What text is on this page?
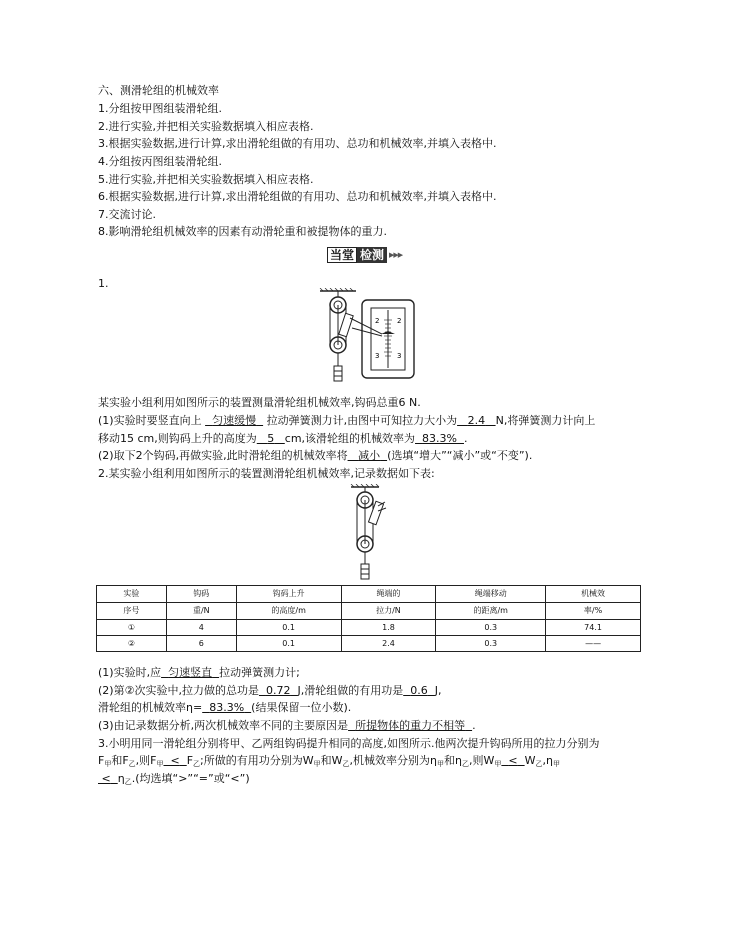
六、测滑轮组的机械效率
1.分组按甲图组装滑轮组.
2.进行实验,并把相关实验数据填入相应表格.
3.根据实验数据,进行计算,求出滑轮组做的有用功、总功和机械效率,并填入表格中.
4.分组按丙图组装滑轮组.
5.进行实验,并把相关实验数据填入相应表格.
6.根据实验数据,进行计算,求出滑轮组做的有用功、总功和机械效率,并填入表格中.
7.交流讨论.
8.影响滑轮组机械效率的因素有动滑轮重和被提物体的重力.
当堂 检测 ▶▶▶
1.
2	2
3	3
某实验小组利用如图所示的装置测量滑轮组机械效率,钩码总重6 N.
(1)实验时要竖直向上 匀速缓慢 拉动弹簧测力计,由图中可知拉力大小为 2.4 N,将弹簧测力计向上
移动15 cm,则钩码上升的高度为 5 cm,该滑轮组的机械效率为 83.3% .
(2)取下2个钩码,再做实验,此时滑轮组的机械效率将 减小 (选填“增大”“减小”或“不变”).
2.某实验小组利用如图所示的装置测滑轮组机械效率,记录数据如下表:
实验	钩码	钩码上升	绳端的	绳端移动	机械效
序号	重/N	的高度/m	拉力/N	的距离/m	率/%
①	4	0.1	1.8	0.3	74.1
②	6	0.1	2.4	0.3	——
(1)实验时,应 匀速竖直 拉动弹簧测力计;
(2)第②次实验中,拉力做的总功是 0.72 J,滑轮组做的有用功是 0.6 J,
滑轮组的机械效率η= 83.3% (结果保留一位小数).
(3)由记录数据分析,两次机械效率不同的主要原因是 所提物体的重力不相等 .
3.小明用同一滑轮组分别将甲、乙两组钩码提升相同的高度,如图所示.他两次提升钩码所用的拉力分别为
$F_甲$和$F_乙$,则$F_甲 < F_乙$;所做的有用功分别为$W_甲$和$W_乙$,机械效率分别为$\eta_甲$和$\eta_乙$,则$W_甲 < W_乙,\eta_甲$
< $\eta_乙$.(均选填“>”“=”或“<”)
